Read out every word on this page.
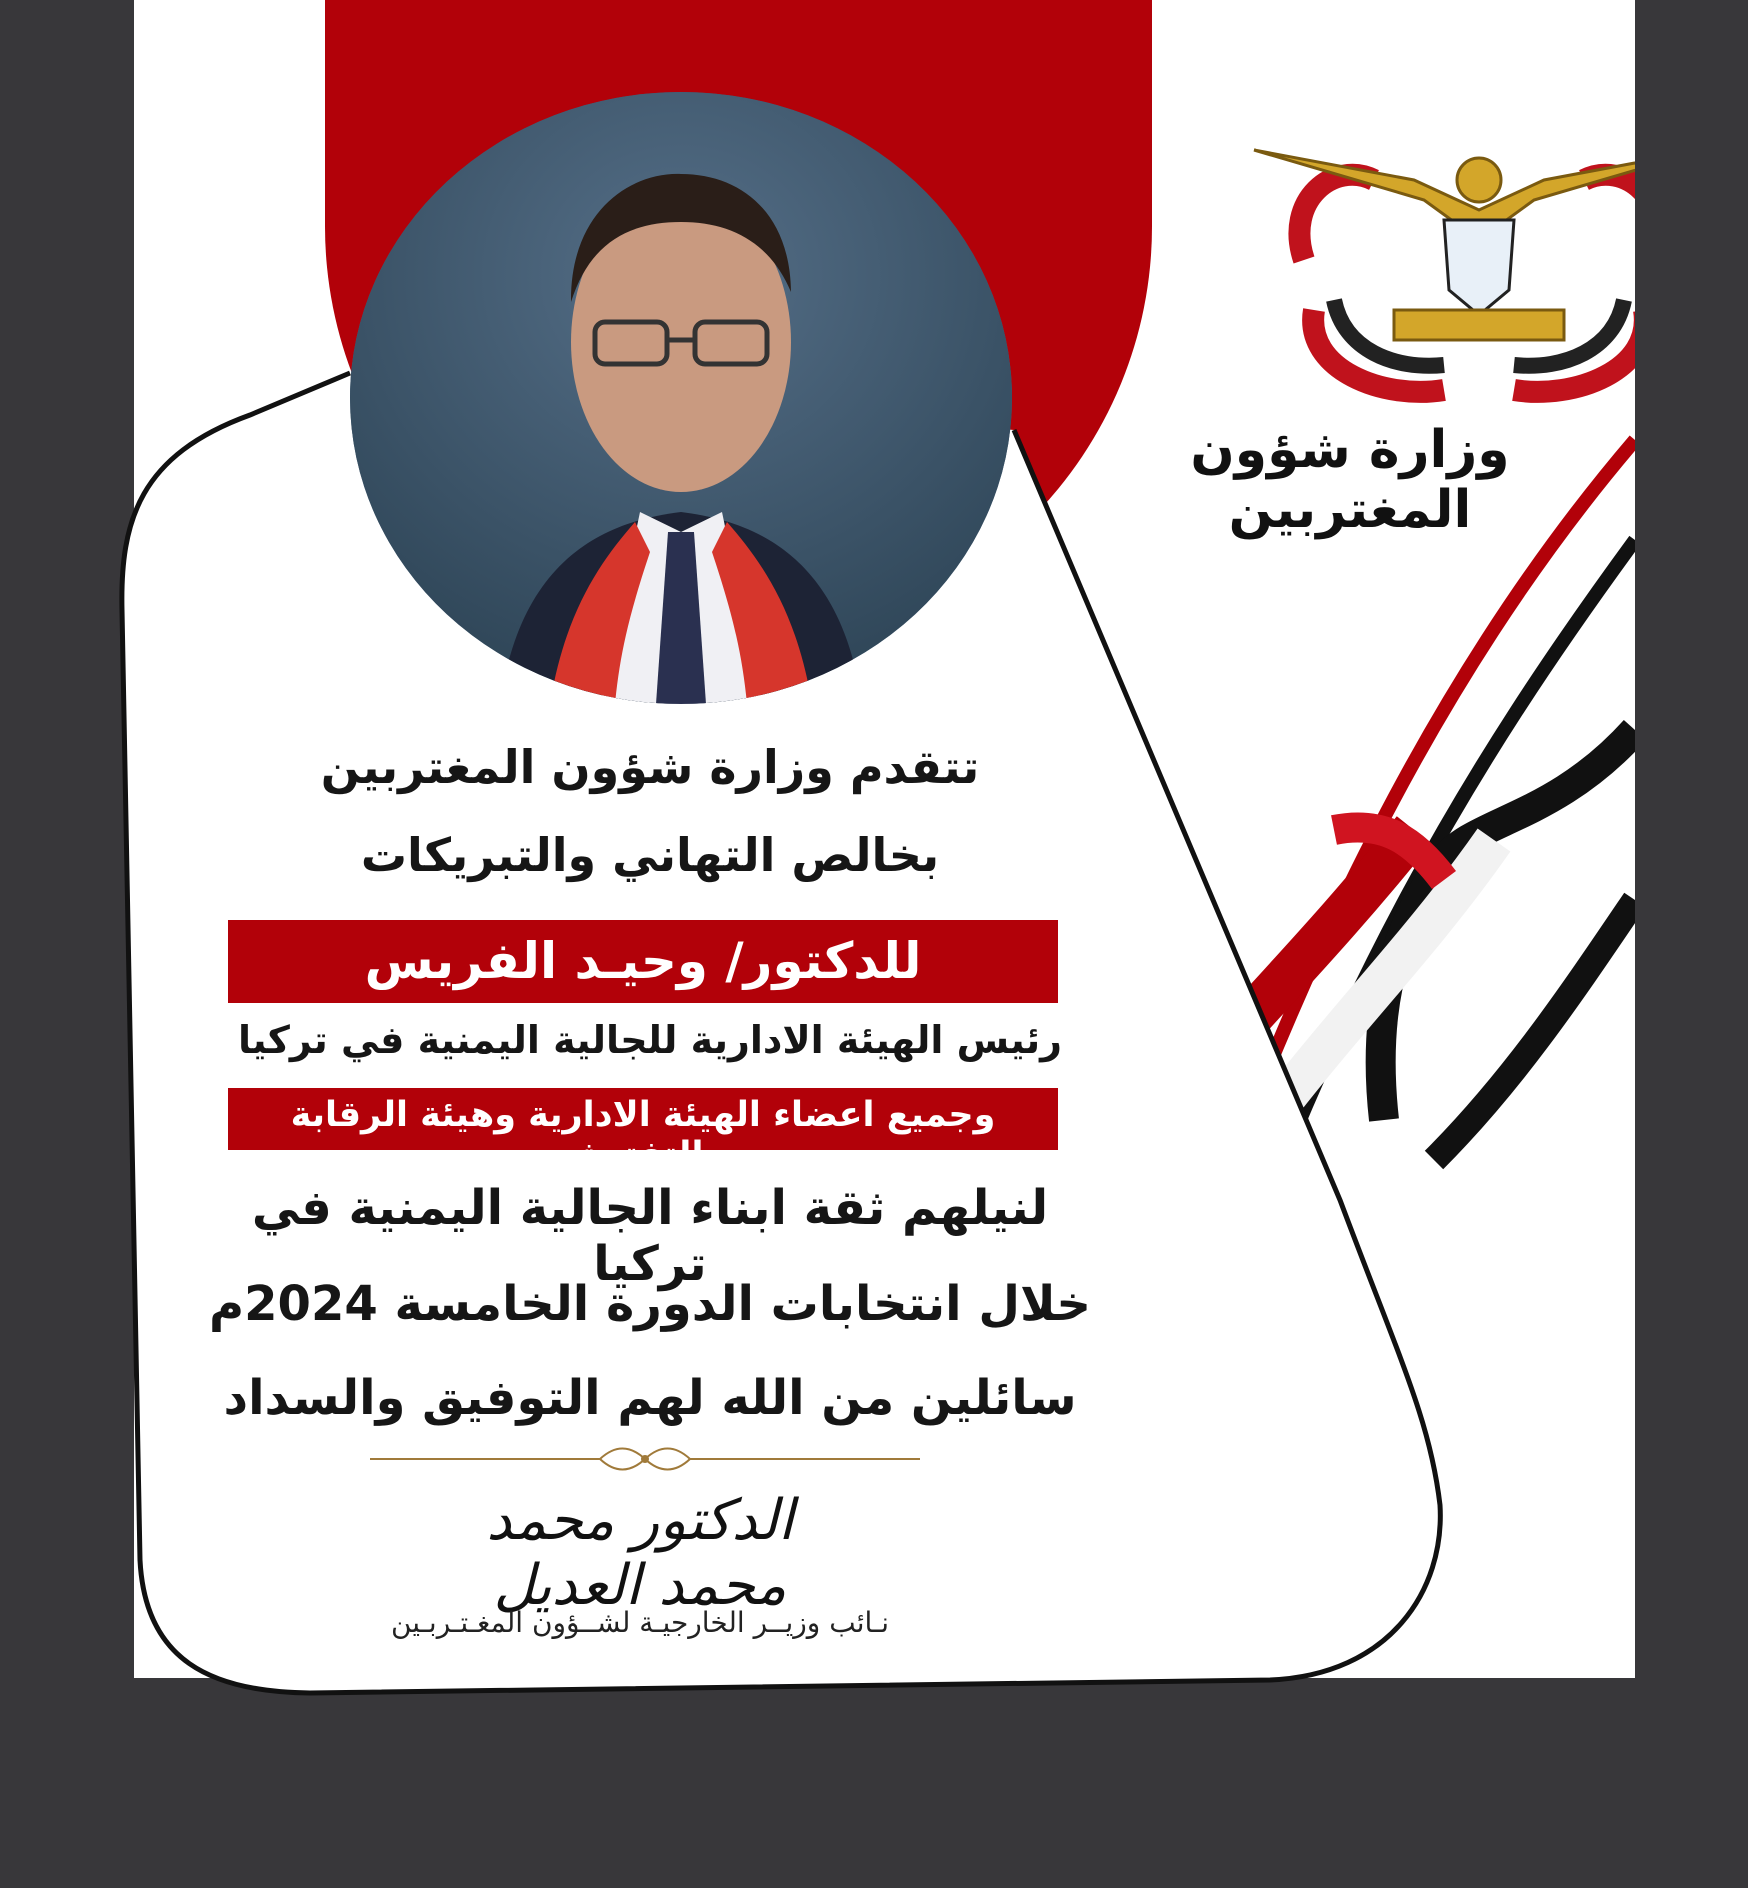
وزارة شؤون المغتربين
تتقدم وزارة شؤون المغتربين
بخالص التهاني والتبريكات
للدكتور/ وحيـد الفريس
رئيس الهيئة الادارية للجالية اليمنية في تركيا
وجميع اعضاء الهيئة الادارية وهيئة الرقابة والتفتيش
لنيلهم ثقة ابناء الجالية اليمنية في تركيا
خلال انتخابات الدورة الخامسة 2024م
سائلين من الله لهم التوفيق والسداد
الدكتور محمد محمد العديل
نـائب وزيــر الخارجيـة لشــؤون المغـتـربـين
